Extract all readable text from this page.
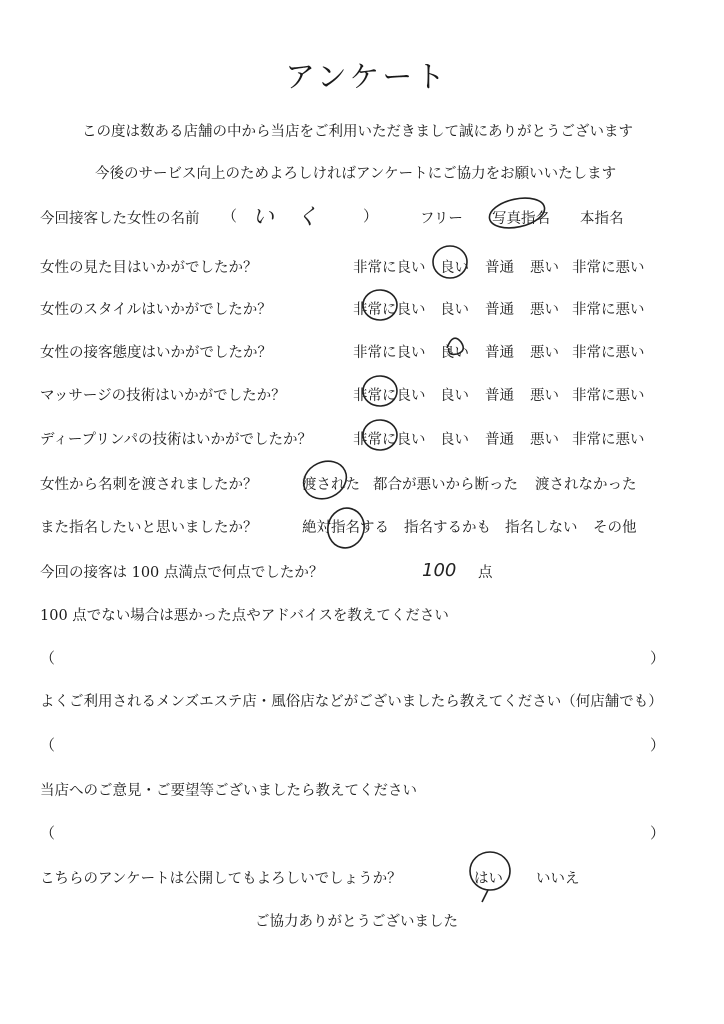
アンケート
この度は数ある店舗の中から当店をご利用いただきまして誠にありがとうございます
今後のサービス向上のためよろしければアンケートにご協力をお願いいたします
今回接客した女性の名前 （ いく ）	フリー 写真指名 本指名
女性の見た目はいかがでしたか？	非常に良い 良い 普通 悪い 非常に悪い
女性のスタイルはいかがでしたか？	非常に良い 良い 普通 悪い 非常に悪い
女性の接客態度はいかがでしたか？	非常に良い 良い 普通 悪い 非常に悪い
マッサージの技術はいかがでしたか？	非常に良い 良い 普通 悪い 非常に悪い
ディープリンパの技術はいかがでしたか？	非常に良い 良い 普通 悪い 非常に悪い
女性から名刺を渡されましたか？	渡された 都合が悪いから断った 渡されなかった
また指名したいと思いましたか？	絶対指名する 指名するかも 指名しない その他
今回の接客は 100 点満点で何点でしたか？	100 点
100 点でない場合は悪かった点やアドバイスを教えてください
（	）
よくご利用されるメンズエステ店・風俗店などがございましたら教えてください（何店舗でも）
（	）
当店へのご意見・ご要望等ございましたら教えてください
（	）
こちらのアンケートは公開してもよろしいでしょうか？	はい いいえ
ご協力ありがとうございました
